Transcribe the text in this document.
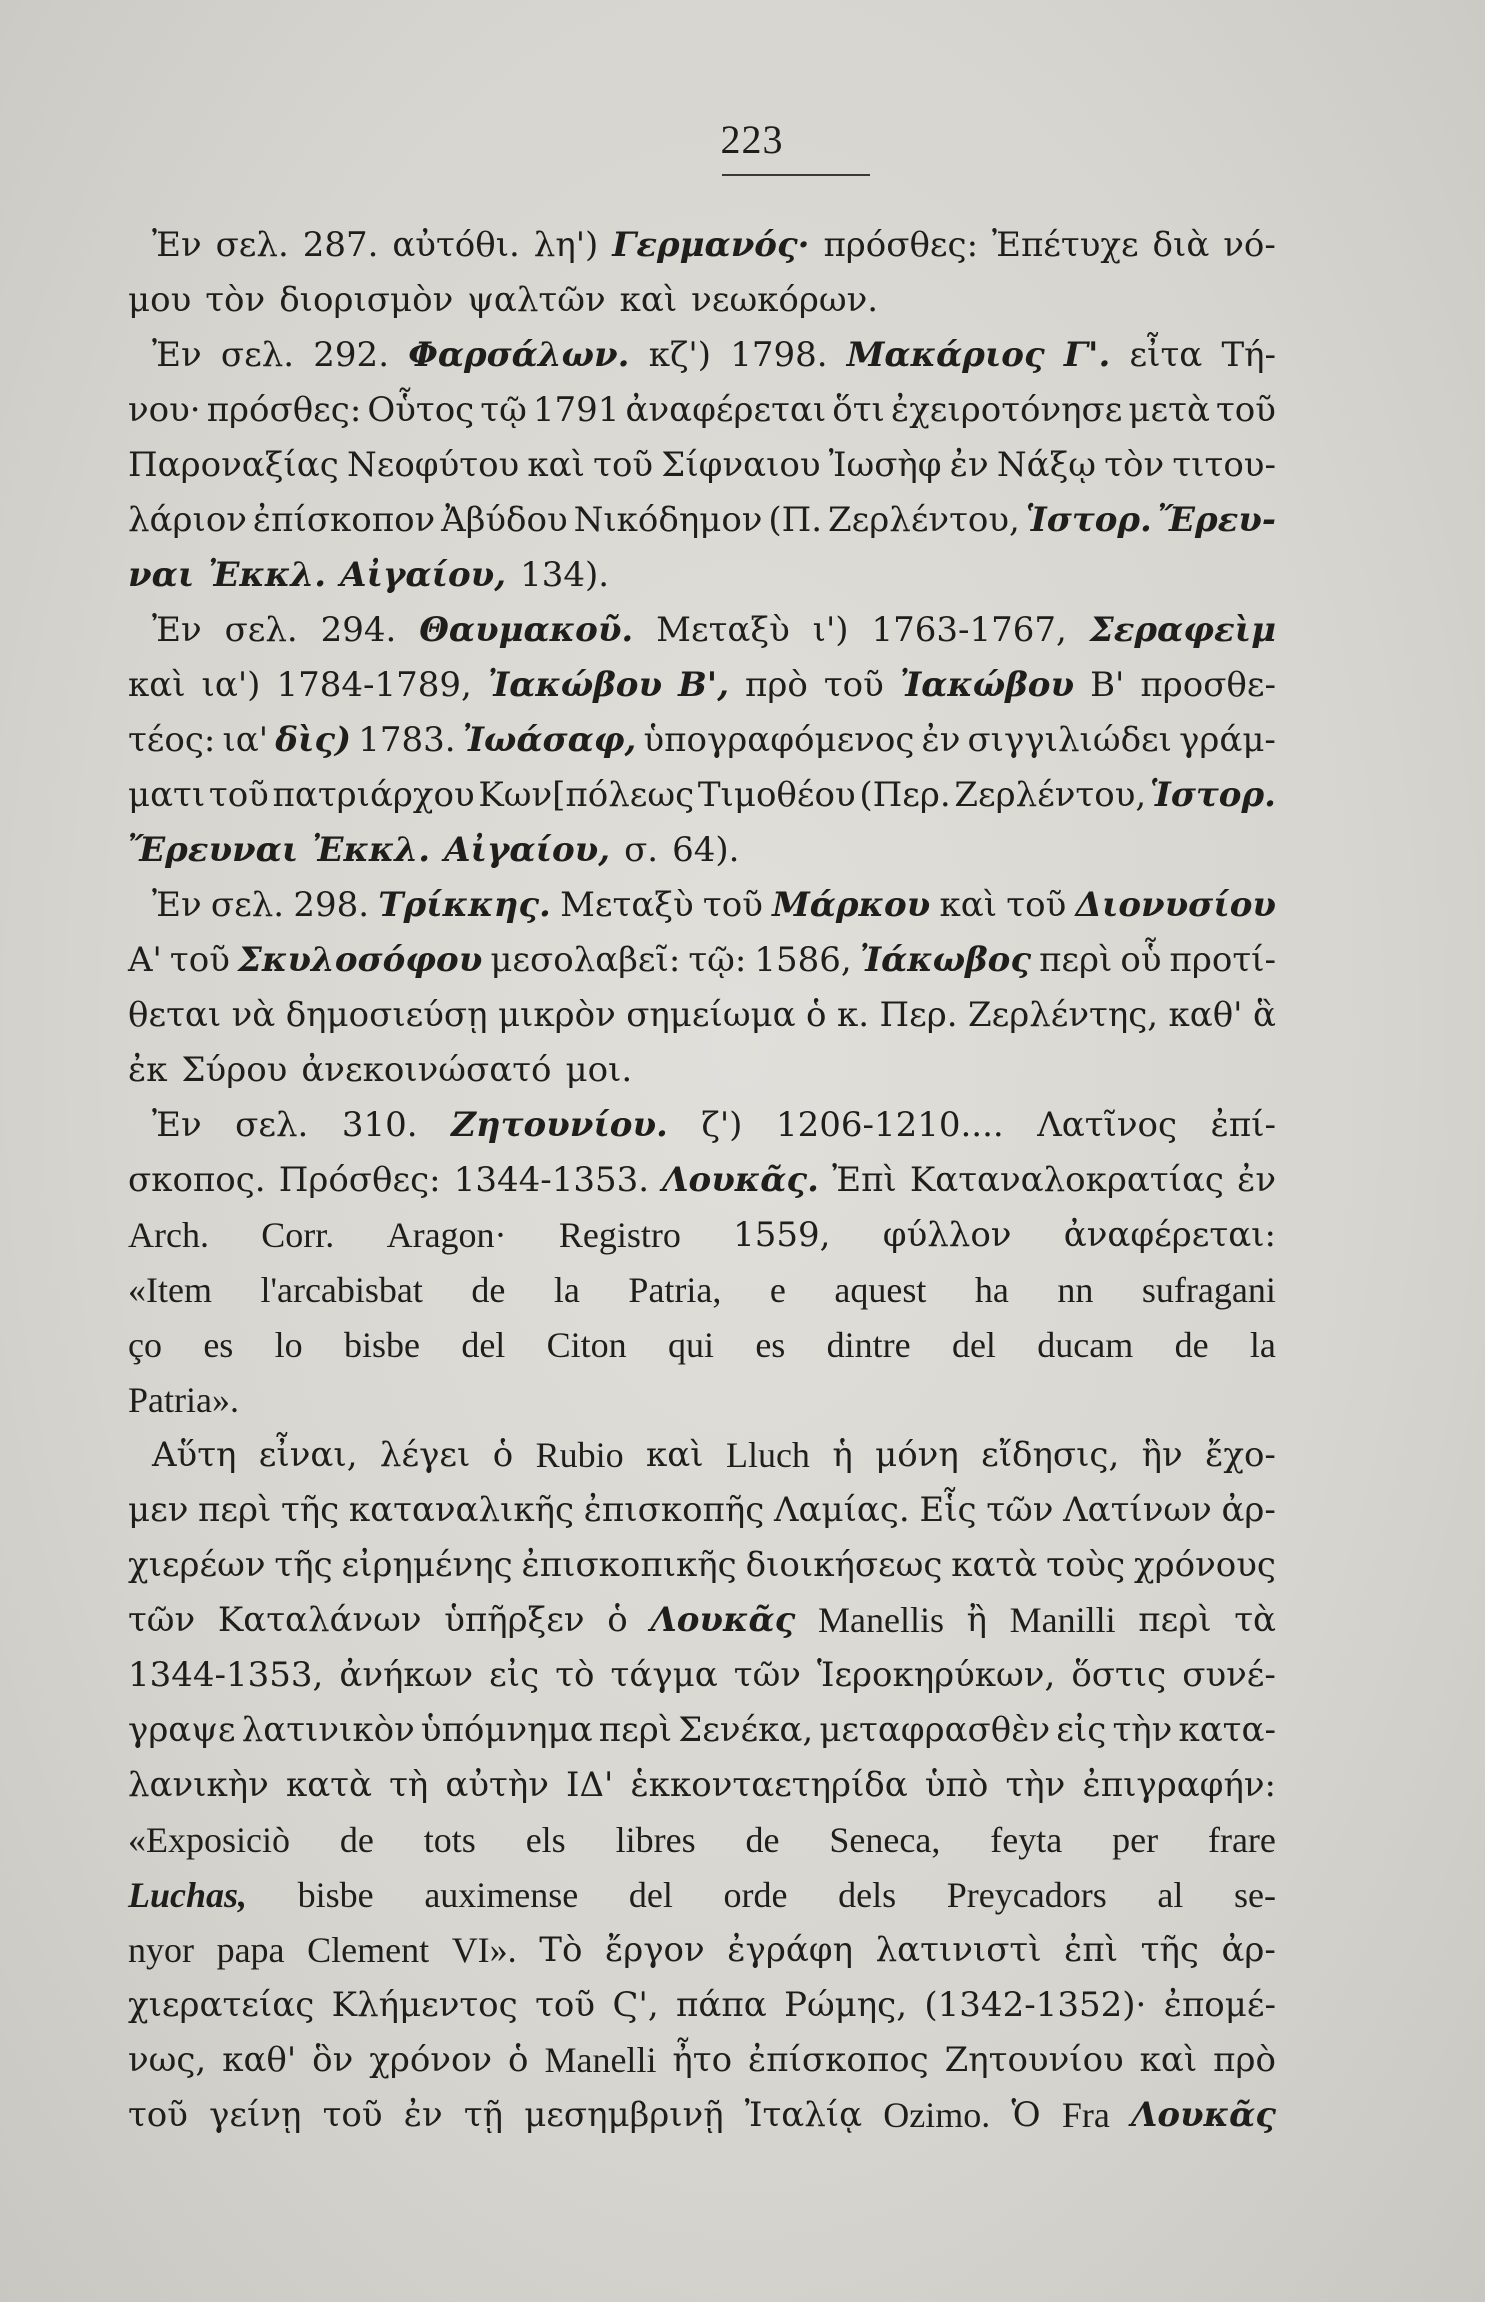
223
Ἐν σελ. 287. αὐτόθι. λη') Γερμανός· πρόσθες: Ἐπέτυχε διὰ νό-
μου τὸν διορισμὸν ψαλτῶν καὶ νεωκόρων.
Ἐν σελ. 292. Φαρσάλων. κζ') 1798. Μακάριος Γ'. εἶτα Τή-
νου· πρόσθες: Οὗτος τῷ 1791 ἀναφέρεται ὅτι ἐχειροτόνησε μετὰ τοῦ
Παροναξίας Νεοφύτου καὶ τοῦ Σίφναιου Ἰωσὴφ ἐν Νάξῳ τὸν τιτου-
λάριον ἐπίσκοπον Ἀβύδου Νικόδημον (Π. Ζερλέντου, Ἱστορ. Ἔρευ-
ναι Ἐκκλ. Αἰγαίου, 134).
Ἐν σελ. 294. Θαυμακοῦ. Μεταξὺ ι') 1763-1767, Σεραφεὶμ
καὶ ια') 1784-1789, Ἰακώβου Β', πρὸ τοῦ Ἰακώβου Β' προσθε-
τέος: ια' δὶς) 1783. Ἰωάσαφ, ὑπογραφόμενος ἐν σιγγιλιώδει γράμ-
ματι τοῦ πατριάρχου Κων[πόλεως Τιμοθέου (Περ. Ζερλέντου, Ἱστορ.
Ἔρευναι Ἐκκλ. Αἰγαίου, σ. 64).
Ἐν σελ. 298. Τρίκκης. Μεταξὺ τοῦ Μάρκου καὶ τοῦ Διονυσίου
Α' τοῦ Σκυλοσόφου μεσολαβεῖ: τῷ: 1586, Ἰάκωβος περὶ οὗ προτί-
θεται νὰ δημοσιεύσῃ μικρὸν σημείωμα ὁ κ. Περ. Ζερλέντης, καθ' ἃ
ἐκ Σύρου ἀνεκοινώσατό μοι.
Ἐν σελ. 310. Ζητουνίου. ζ') 1206-1210.... Λατῖνος ἐπί-
σκοπος. Πρόσθες: 1344-1353. Λουκᾶς. Ἐπὶ Καταναλοκρατίας ἐν
Arch. Corr. Aragon· Registro 1559, φύλλον ἀναφέρεται:
«Item l'arcabisbat de la Patria, e aquest ha nn sufragani
ço es lo bisbe del Citon qui es dintre del ducam de la
Patria».
Αὕτη εἶναι, λέγει ὁ Rubio καὶ Lluch ἡ μόνη εἴδησις, ἣν ἔχο-
μεν περὶ τῆς καταναλικῆς ἐπισκοπῆς Λαμίας. Εἷς τῶν Λατίνων ἀρ-
χιερέων τῆς εἰρημένης ἐπισκοπικῆς διοικήσεως κατὰ τοὺς χρόνους
τῶν Καταλάνων ὑπῆρξεν ὁ Λουκᾶς Manellis ἢ Manilli περὶ τὰ
1344-1353, ἀνήκων εἰς τὸ τάγμα τῶν Ἱεροκηρύκων, ὅστις συνέ-
γραψε λατινικὸν ὑπόμνημα περὶ Σενέκα, μεταφρασθὲν εἰς τὴν κατα-
λανικὴν κατὰ τὴ αὐτὴν ΙΔ' ἑκκονταετηρίδα ὑπὸ τὴν ἐπιγραφήν:
«Exposiciò de tots els libres de Seneca, feyta per frare
Luchas, bisbe auximense del orde dels Preycadors al se-
nyor papa Clement VI». Τὸ ἔργον ἐγράφη λατινιστὶ ἐπὶ τῆς ἀρ-
χιερατείας Κλήμεντος τοῦ Ϛ', πάπα Ρώμης, (1342-1352)· ἐπομέ-
νως, καθ' ὃν χρόνον ὁ Manelli ἦτο ἐπίσκοπος Ζητουνίου καὶ πρὸ
τοῦ γείνῃ τοῦ ἐν τῇ μεσημβρινῇ Ἰταλίᾳ Ozimo. Ὁ Fra Λουκᾶς
